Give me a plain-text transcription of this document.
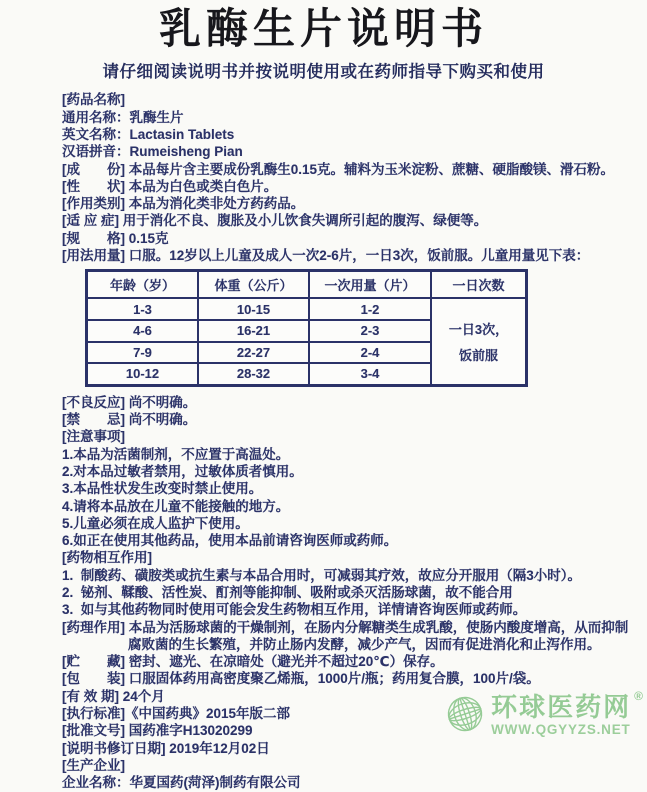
乳酶生片说明书
请仔细阅读说明书并按说明使用或在药师指导下购买和使用
[药品名称]
通用名称：乳酶生片
英文名称：Lactasin Tablets
汉语拼音：Rumeisheng Pian
[成　　份] 本品每片含主要成份乳酶生0.15克。辅料为玉米淀粉、蔗糖、硬脂酸镁、滑石粉。
[性　　状] 本品为白色或类白色片。
[作用类别] 本品为消化类非处方药药品。
[适 应 症] 用于消化不良、腹胀及小儿饮食失调所引起的腹泻、绿便等。
[规　　格] 0.15克
[用法用量] 口服。12岁以上儿童及成人一次2-6片，一日3次，饭前服。儿童用量见下表：
年龄（岁）	体重（公斤）	一次用量（片）	一日次数
一日3次，
饭前服
1-3	10-15	1-2
4-6	16-21	2-3
7-9	22-27	2-4
10-12	28-32	3-4
[不良反应] 尚不明确。
[禁　　忌] 尚不明确。
[注意事项]
1.本品为活菌制剂，不应置于高温处。
2.对本品过敏者禁用，过敏体质者慎用。
3.本品性状发生改变时禁止使用。
4.请将本品放在儿童不能接触的地方。
5.儿童必须在成人监护下使用。
6.如正在使用其他药品，使用本品前请咨询医师或药师。
[药物相互作用]
1.  制酸药、磺胺类或抗生素与本品合用时，可减弱其疗效，故应分开服用（隔3小时）。
2.  铋剂、鞣酸、活性炭、酊剂等能抑制、吸附或杀灭活肠球菌，故不能合用
3.  如与其他药物同时使用可能会发生药物相互作用，详情请咨询医师或药师。
[药理作用] 本品为活肠球菌的干燥制剂，在肠内分解糖类生成乳酸，使肠内酸度增高，从而抑制腐败菌的生长繁殖，并防止肠内发酵，减少产气，因而有促进消化和止泻作用。
[贮　　藏] 密封、遮光、在凉暗处（避光并不超过20℃）保存。
[包　　装] 口服固体药用高密度聚乙烯瓶，1000片/瓶；药用复合膜，100片/袋。
[有 效 期] 24个月
[执行标准]《中国药典》2015年版二部
[批准文号] 国药准字H13020299
[说明书修订日期] 2019年12月02日
[生产企业]
企业名称：华夏国药(菏泽)制药有限公司
环球医药网 ®
WWW.QGYYZS.NET
